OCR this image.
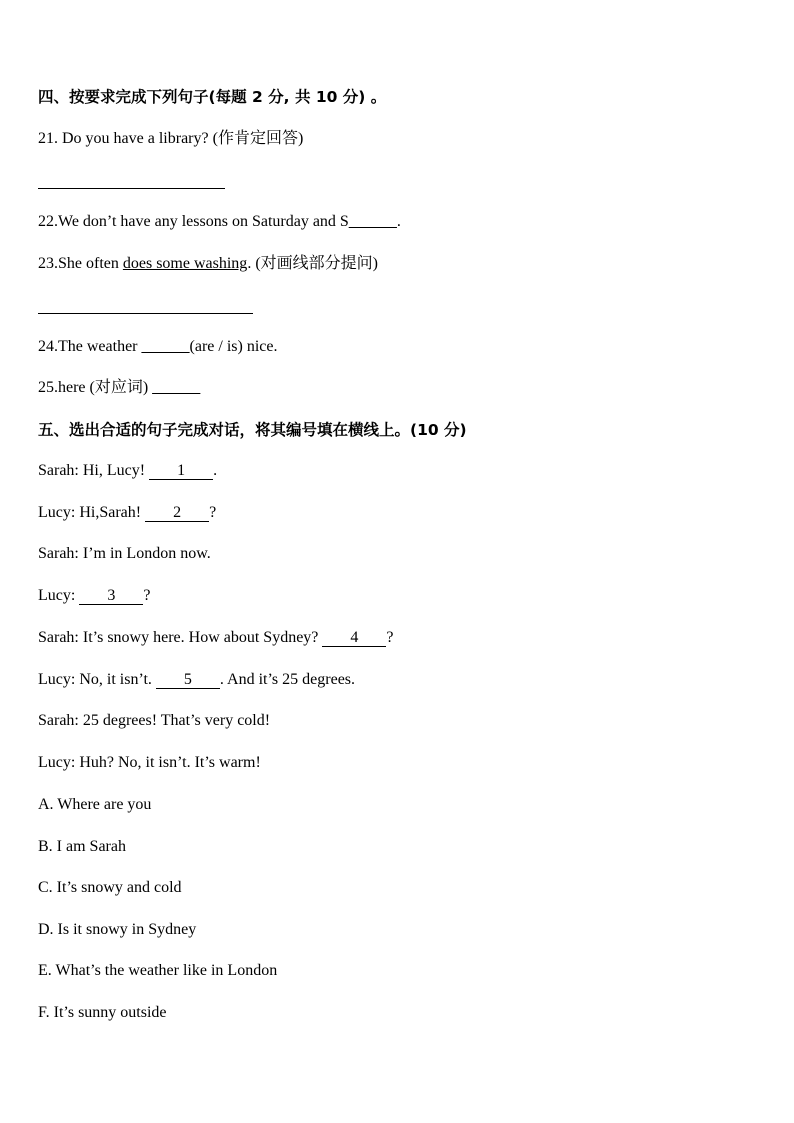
四、按要求完成下列句子(每题 2 分, 共 10 分) 。
21. Do you have a library? (作肯定回答)
22.We don’t have any lessons on Saturday and S______.
23.She often does some washing. (对画线部分提问)
24.The weather ______(are / is) nice.
25.here (对应词) ______
五、选出合适的句子完成对话，将其编号填在横线上。(10 分)
Sarah: Hi, Lucy! 1 .
Lucy: Hi,Sarah! 2 ?
Sarah: I’m in London now.
Lucy: 3 ?
Sarah: It’s snowy here. How about Sydney? 4 ?
Lucy: No, it isn’t. 5 . And it’s 25 degrees.
Sarah: 25 degrees! That’s very cold!
Lucy: Huh? No, it isn’t. It’s warm!
A. Where are you
B. I am Sarah
C. It’s snowy and cold
D. Is it snowy in Sydney
E. What’s the weather like in London
F. It’s sunny outside
